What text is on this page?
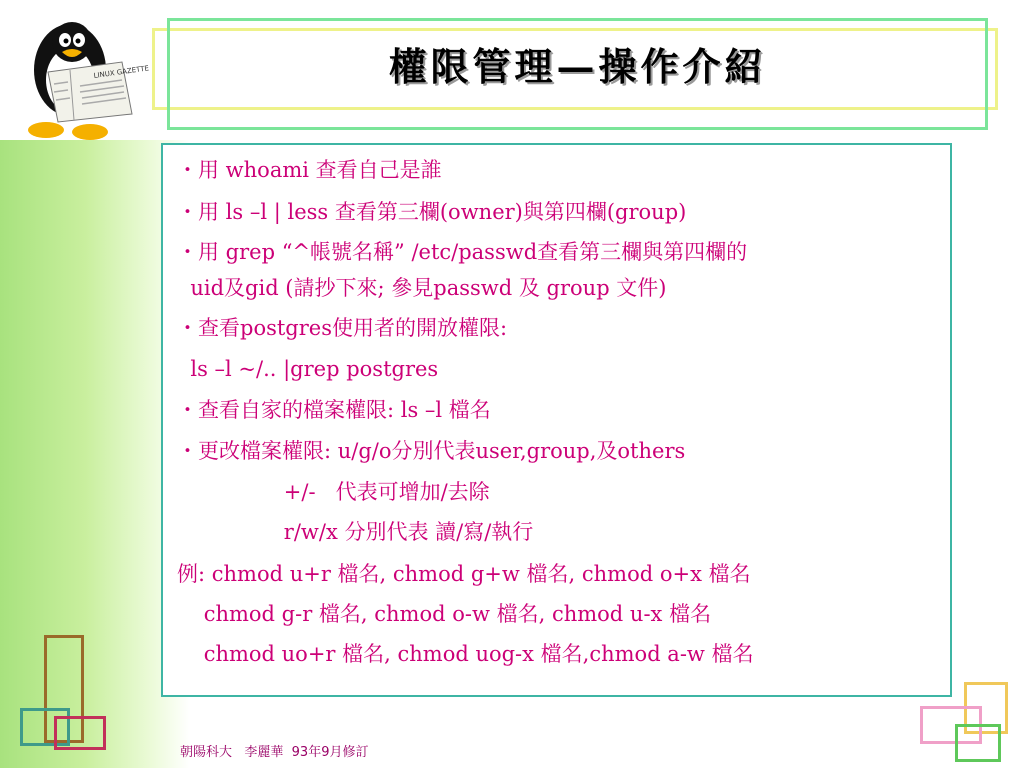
LINUX GAZETTE	權限管理—操作介紹
・用 whoami 查看自己是誰
・用 ls –l | less 查看第三欄(owner)與第四欄(group)
・用 grep “^帳號名稱” /etc/passwd查看第三欄與第四欄的
uid及gid (請抄下來; 參見passwd 及 group 文件)
・查看postgres使用者的開放權限:
ls –l ~/.. |grep postgres
・查看自家的檔案權限: ls –l 檔名
・更改檔案權限: u/g/o分別代表user,group,及others
+/-   代表可增加/去除
r/w/x 分別代表 讀/寫/執行
例: chmod u+r 檔名, chmod g+w 檔名, chmod o+x 檔名
chmod g-r 檔名, chmod o-w 檔名, chmod u-x 檔名
chmod uo+r 檔名, chmod uog-x 檔名,chmod a-w 檔名
朝陽科大   李麗華  93年9月修訂
